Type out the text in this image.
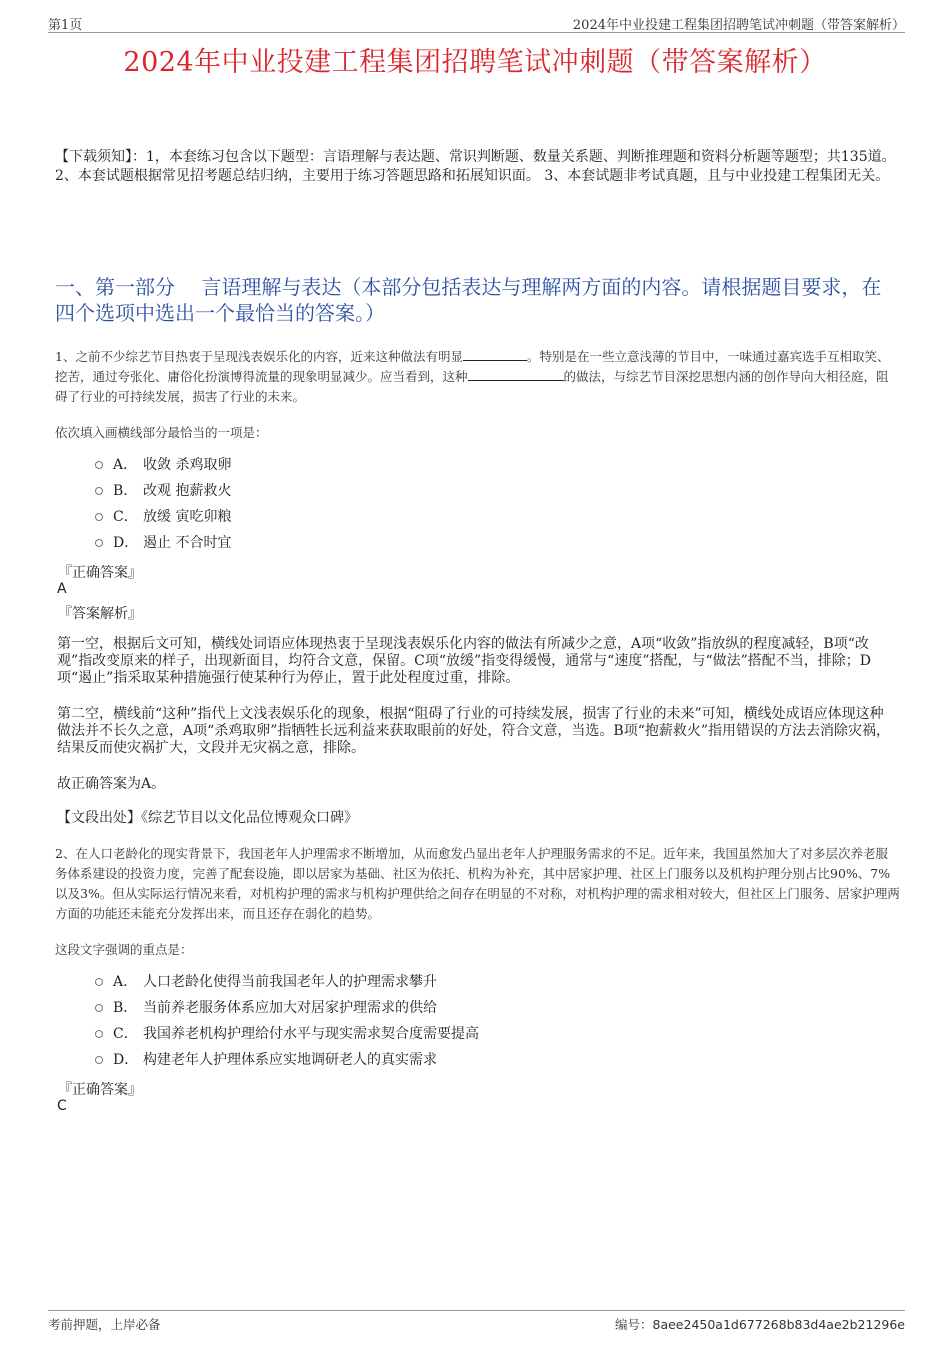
第1页	2024年中业投建工程集团招聘笔试冲刺题（带答案解析）
2024年中业投建工程集团招聘笔试冲刺题（带答案解析）
【下载须知】：1，本套练习包含以下题型：言语理解与表达题、常识判断题、数量关系题、判断推理题和资料分析题等题型；共135道。 2、本套试题根据常见招考题总结归纳，主要用于练习答题思路和拓展知识面。 3、本套试题非考试真题，且与中业投建工程集团无关。
一、第一部分　 言语理解与表达（本部分包括表达与理解两方面的内容。请根据题目要求，在四个选项中选出一个最恰当的答案。）
1、之前不少综艺节目热衷于呈现浅表娱乐化的内容，近来这种做法有明显	。特别是在一些立意浅薄的节目中，一味通过嘉宾选手互相取笑、挖苦，通过夸张化、庸俗化扮演博得流量的现象明显减少。应当看到，这种	的做法，与综艺节目深挖思想内涵的创作导向大相径庭，阻碍了行业的可持续发展，损害了行业的未来。
依次填入画横线部分最恰当的一项是：
A． 收敛 杀鸡取卵
B． 改观 抱薪救火
C． 放缓 寅吃卯粮
D． 遏止 不合时宜
『正确答案』
A
『答案解析』
第一空，根据后文可知，横线处词语应体现热衷于呈现浅表娱乐化内容的做法有所减少之意，A项“收敛”指放纵的程度减轻，B项“改观”指改变原来的样子，出现新面目，均符合文意，保留。C项“放缓”指变得缓慢，通常与“速度”搭配，与“做法”搭配不当，排除；D项“遏止”指采取某种措施强行使某种行为停止，置于此处程度过重，排除。
第二空，横线前“这种”指代上文浅表娱乐化的现象，根据“阻碍了行业的可持续发展，损害了行业的未来”可知，横线处成语应体现这种做法并不长久之意，A项“杀鸡取卵”指牺牲长远利益来获取眼前的好处，符合文意，当选。B项“抱薪救火”指用错误的方法去消除灾祸，结果反而使灾祸扩大，文段并无灾祸之意，排除。
故正确答案为A。
【文段出处】《综艺节目以文化品位博观众口碑》
2、在人口老龄化的现实背景下，我国老年人护理需求不断增加，从而愈发凸显出老年人护理服务需求的不足。近年来，我国虽然加大了对多层次养老服务体系建设的投资力度，完善了配套设施，即以居家为基础、社区为依托、机构为补充，其中居家护理、社区上门服务以及机构护理分别占比90%、7%以及3%。但从实际运行情况来看，对机构护理的需求与机构护理供给之间存在明显的不对称，对机构护理的需求相对较大，但社区上门服务、居家护理两方面的功能还未能充分发挥出来，而且还存在弱化的趋势。
这段文字强调的重点是：
A． 人口老龄化使得当前我国老年人的护理需求攀升
B． 当前养老服务体系应加大对居家护理需求的供给
C． 我国养老机构护理给付水平与现实需求契合度需要提高
D． 构建老年人护理体系应实地调研老人的真实需求
『正确答案』
C
考前押题，上岸必备	编号：8aee2450a1d677268b83d4ae2b21296e
